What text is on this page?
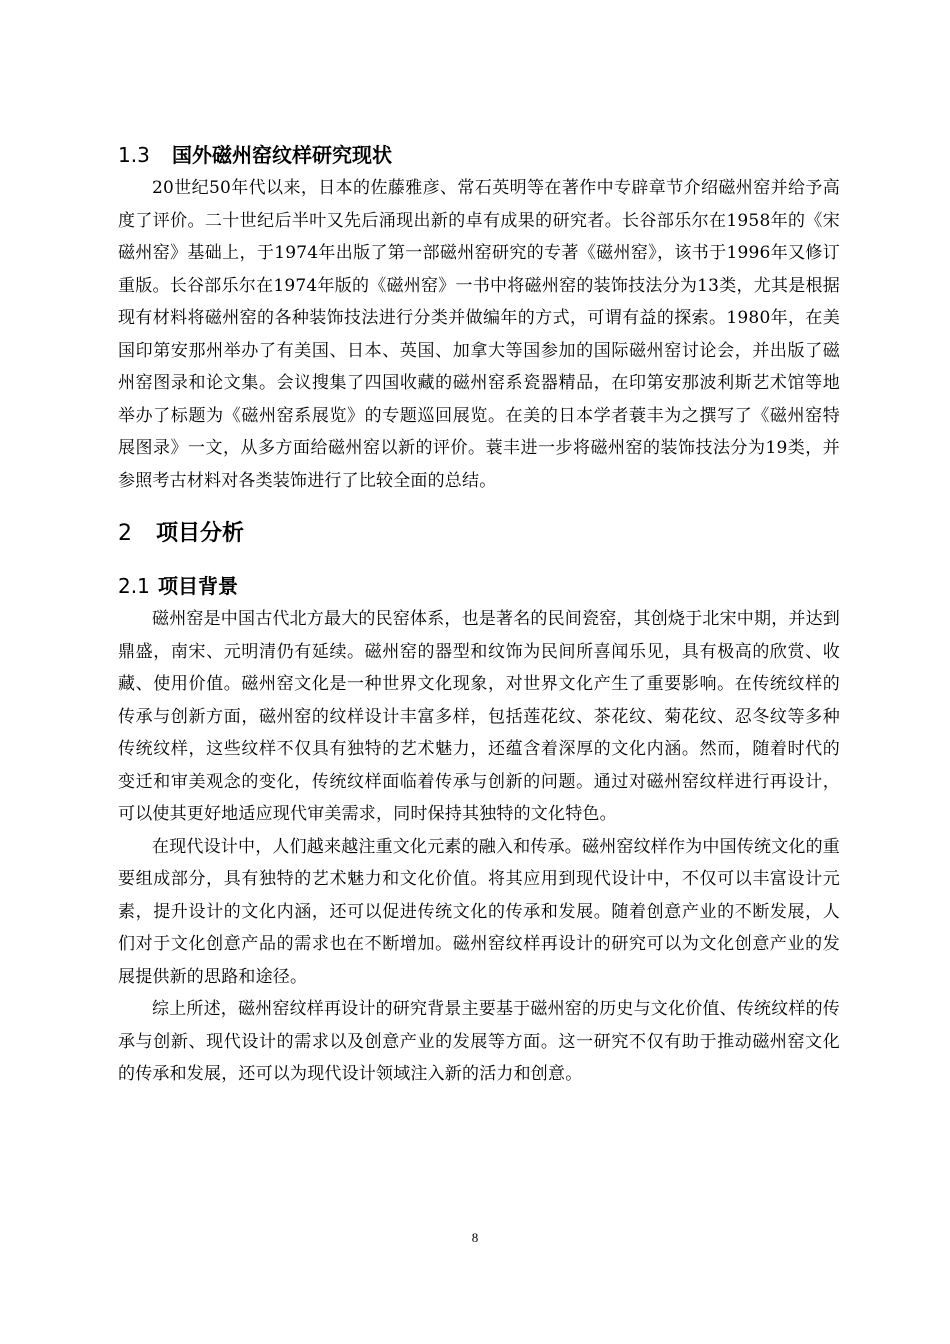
1.3 国外磁州窑纹样研究现状

20世纪50年代以来，日本的佐藤雅彦、常石英明等在著作中专辟章节介绍磁州窑并给予高度了评价。二十世纪后半叶又先后涌现出新的卓有成果的研究者。长谷部乐尔在1958年的《宋磁州窑》基础上，于1974年出版了第一部磁州窑研究的专著《磁州窑》，该书于1996年又修订重版。长谷部乐尔在1974年版的《磁州窑》一书中将磁州窑的装饰技法分为13类，尤其是根据现有材料将磁州窑的各种装饰技法进行分类并做编年的方式，可谓有益的探索。1980年，在美国印第安那州举办了有美国、日本、英国、加拿大等国参加的国际磁州窑讨论会，并出版了磁州窑图录和论文集。会议搜集了四国收藏的磁州窑系瓷器精品，在印第安那波利斯艺术馆等地举办了标题为《磁州窑系展览》的专题巡回展览。在美的日本学者蓑丰为之撰写了《磁州窑特展图录》一文，从多方面给磁州窑以新的评价。蓑丰进一步将磁州窑的装饰技法分为19类，并参照考古材料对各类装饰进行了比较全面的总结。

2 项目分析
2.1 项目背景

磁州窑是中国古代北方最大的民窑体系，也是著名的民间瓷窑，其创烧于北宋中期，并达到鼎盛，南宋、元明清仍有延续。磁州窑的器型和纹饰为民间所喜闻乐见，具有极高的欣赏、收藏、使用价值。磁州窑文化是一种世界文化现象，对世界文化产生了重要影响。在传统纹样的传承与创新方面，磁州窑的纹样设计丰富多样，包括莲花纹、茶花纹、菊花纹、忍冬纹等多种传统纹样，这些纹样不仅具有独特的艺术魅力，还蕴含着深厚的文化内涵。然而，随着时代的变迁和审美观念的变化，传统纹样面临着传承与创新的问题。通过对磁州窑纹样进行再设计，可以使其更好地适应现代审美需求，同时保持其独特的文化特色。

在现代设计中，人们越来越注重文化元素的融入和传承。磁州窑纹样作为中国传统文化的重要组成部分，具有独特的艺术魅力和文化价值。将其应用到现代设计中，不仅可以丰富设计元素，提升设计的文化内涵，还可以促进传统文化的传承和发展。随着创意产业的不断发展，人们对于文化创意产品的需求也在不断增加。磁州窑纹样再设计的研究可以为文化创意产业的发展提供新的思路和途径。

综上所述，磁州窑纹样再设计的研究背景主要基于磁州窑的历史与文化价值、传统纹样的传承与创新、现代设计的需求以及创意产业的发展等方面。这一研究不仅有助于推动磁州窑文化的传承和发展，还可以为现代设计领域注入新的活力和创意。

8
